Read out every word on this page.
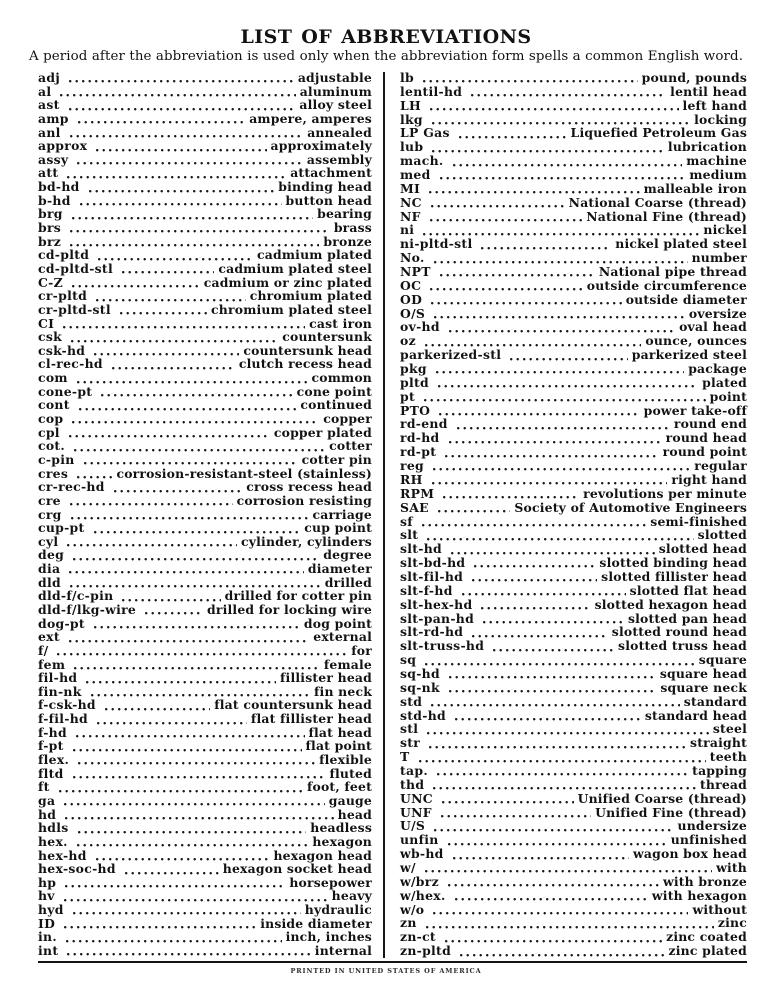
LIST OF ABBREVIATIONS
A period after the abbreviation is used only when the abbreviation form spells a common English word.
adj	adjustable
al	aluminum
ast	alloy steel
amp	ampere, amperes
anl	annealed
approx	approximately
assy	assembly
att	attachment
bd-hd	binding head
b-hd	button head
brg	bearing
brs	brass
brz	bronze
cd-pltd	cadmium plated
cd-pltd-stl	cadmium plated steel
C-Z	cadmium or zinc plated
cr-pltd	chromium plated
cr-pltd-stl	chromium plated steel
CI	cast iron
csk	countersunk
csk-hd	countersunk head
cl-rec-hd	clutch recess head
com	common
cone-pt	cone point
cont	continued
cop	copper
cpl	copper plated
cot.	cotter
c-pin	cotter pin
cres	corrosion-resistant-steel (stainless)
cr-rec-hd	cross recess head
cre	corrosion resisting
crg	carriage
cup-pt	cup point
cyl	cylinder, cylinders
deg	degree
dia	diameter
dld	drilled
dld-f/c-pin	drilled for cotter pin
dld-f/lkg-wire	drilled for locking wire
dog-pt	dog point
ext	external
f/	for
fem	female
fil-hd	fillister head
fin-nk	fin neck
f-csk-hd	flat countersunk head
f-fil-hd	flat fillister head
f-hd	flat head
f-pt	flat point
flex.	flexible
fltd	fluted
ft	foot, feet
ga	gauge
hd	head
hdls	headless
hex.	hexagon
hex-hd	hexagon head
hex-soc-hd	hexagon socket head
hp	horsepower
hv	heavy
hyd	hydraulic
ID	inside diameter
in.	inch, inches
int	internal
lb	pound, pounds
lentil-hd	lentil head
LH	left hand
lkg	locking
LP Gas	Liquefied Petroleum Gas
lub	lubrication
mach.	machine
med	medium
MI	malleable iron
NC	National Coarse (thread)
NF	National Fine (thread)
ni	nickel
ni-pltd-stl	nickel plated steel
No.	number
NPT	National pipe thread
OC	outside circumference
OD	outside diameter
O/S	oversize
ov-hd	oval head
oz	ounce, ounces
parkerized-stl	parkerized steel
pkg	package
pltd	plated
pt	point
PTO	power take-off
rd-end	round end
rd-hd	round head
rd-pt	round point
reg	regular
RH	right hand
RPM	revolutions per minute
SAE	Society of Automotive Engineers
sf	semi-finished
slt	slotted
slt-hd	slotted head
slt-bd-hd	slotted binding head
slt-fil-hd	slotted fillister head
slt-f-hd	slotted flat head
slt-hex-hd	slotted hexagon head
slt-pan-hd	slotted pan head
slt-rd-hd	slotted round head
slt-truss-hd	slotted truss head
sq	square
sq-hd	square head
sq-nk	square neck
std	standard
std-hd	standard head
stl	steel
str	straight
T	teeth
tap.	tapping
thd	thread
UNC	Unified Coarse (thread)
UNF	Unified Fine (thread)
U/S	undersize
unfin	unfinished
wb-hd	wagon box head
w/	with
w/brz	with bronze
w/hex.	with hexagon
w/o	without
zn	zinc
zn-ct	zinc coated
zn-pltd	zinc plated
PRINTED IN UNITED STATES OF AMERICA
